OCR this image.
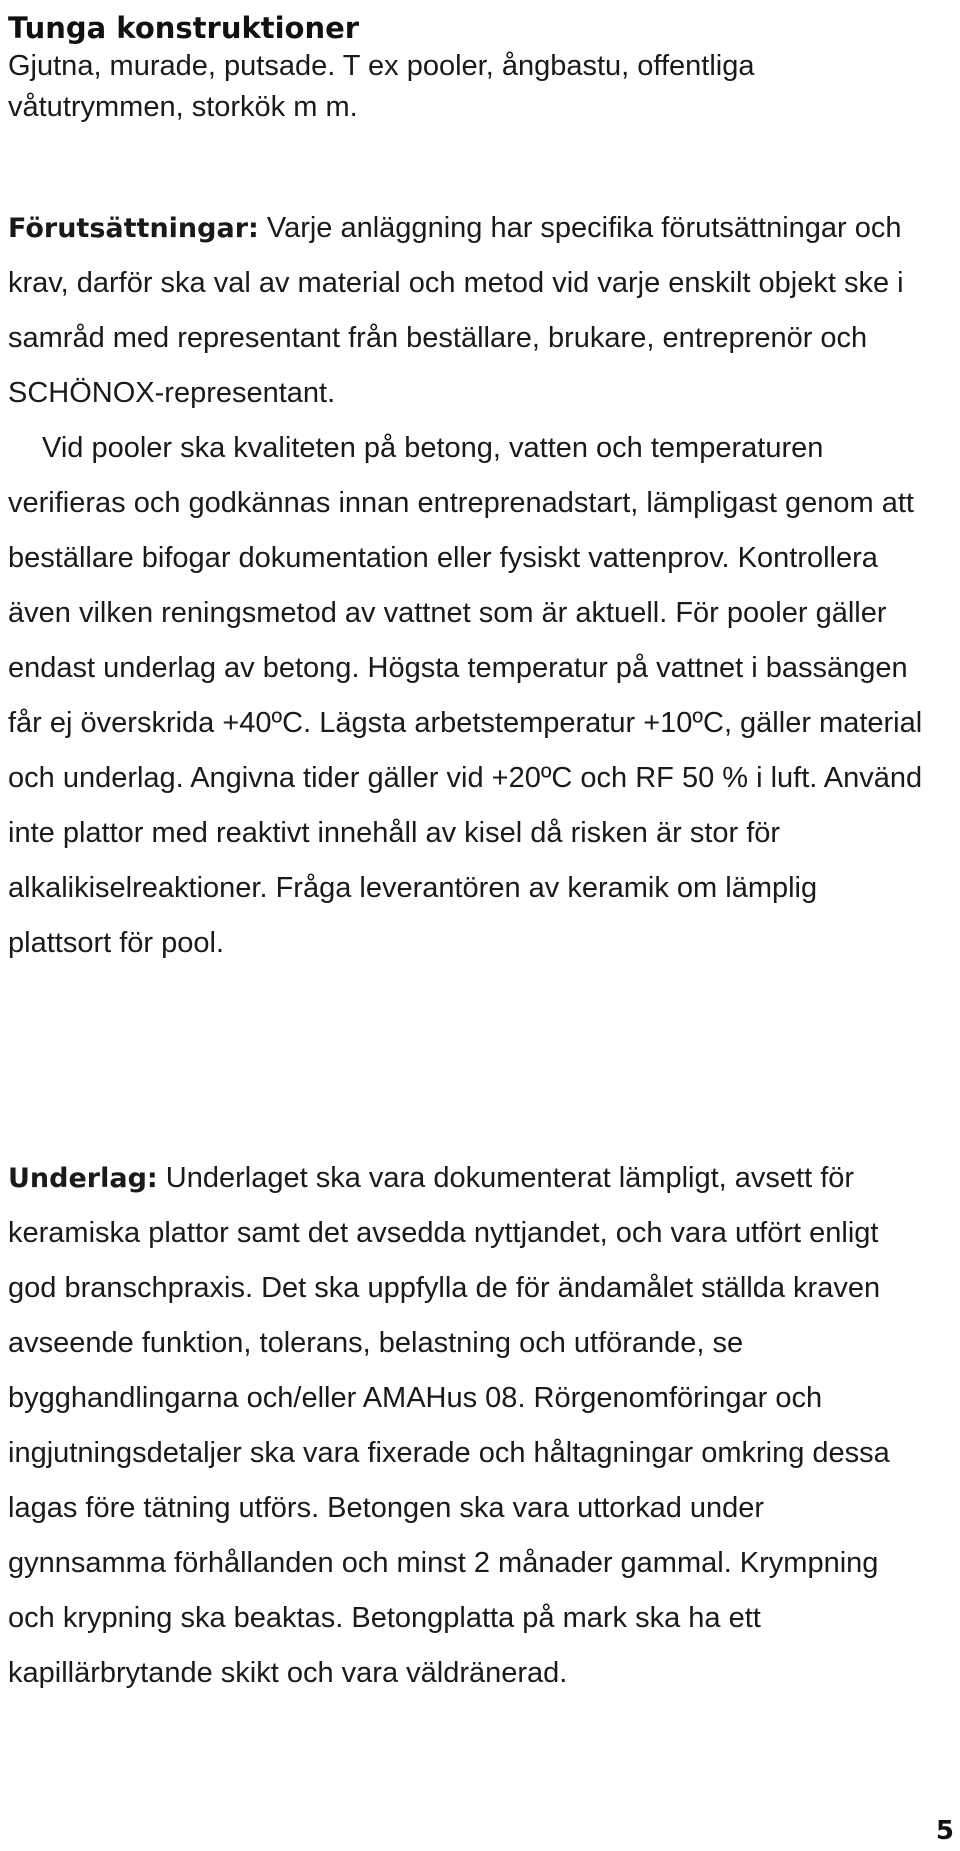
Tunga konstruktioner

Gjutna, murade, putsade. T ex pooler, ångbastu, offentliga våtutrymmen, storkök m m.

Förutsättningar: Varje anläggning har specifika förutsättningar och krav, darför ska val av material och metod vid varje enskilt objekt ske i samråd med representant från beställare, brukare, entreprenör och SCHÖNOX-representant.
Vid pooler ska kvaliteten på betong, vatten och temperaturen verifieras och godkännas innan entreprenadstart, lämpligast genom att beställare bifogar dokumentation eller fysiskt vattenprov. Kontrollera även vilken reningsmetod av vattnet som är aktuell. För pooler gäller endast underlag av betong. Högsta temperatur på vattnet i bassängen får ej överskrida +40ºC. Lägsta arbetstemperatur +10ºC, gäller material och underlag. Angivna tider gäller vid +20ºC och RF 50 % i luft. Använd inte plattor med reaktivt innehåll av kisel då risken är stor för alkalikiselreaktioner. Fråga leverantören av keramik om lämplig plattsort för pool.

Underlag: Underlaget ska vara dokumenterat lämpligt, avsett för keramiska plattor samt det avsedda nyttjandet, och vara utfört enligt god branschpraxis. Det ska uppfylla de för ändamålet ställda kraven avseende funktion, tolerans, belastning och utförande, se bygghandlingarna och/eller AMAHus 08. Rörgenomföringar och ingjutningsdetaljer ska vara fixerade och håltagningar omkring dessa lagas före tätning utförs. Betongen ska vara uttorkad under gynnsamma förhållanden och minst 2 månader gammal. Krympning och krypning ska beaktas. Betongplatta på mark ska ha ett kapillärbrytande skikt och vara väldränerad.

5
